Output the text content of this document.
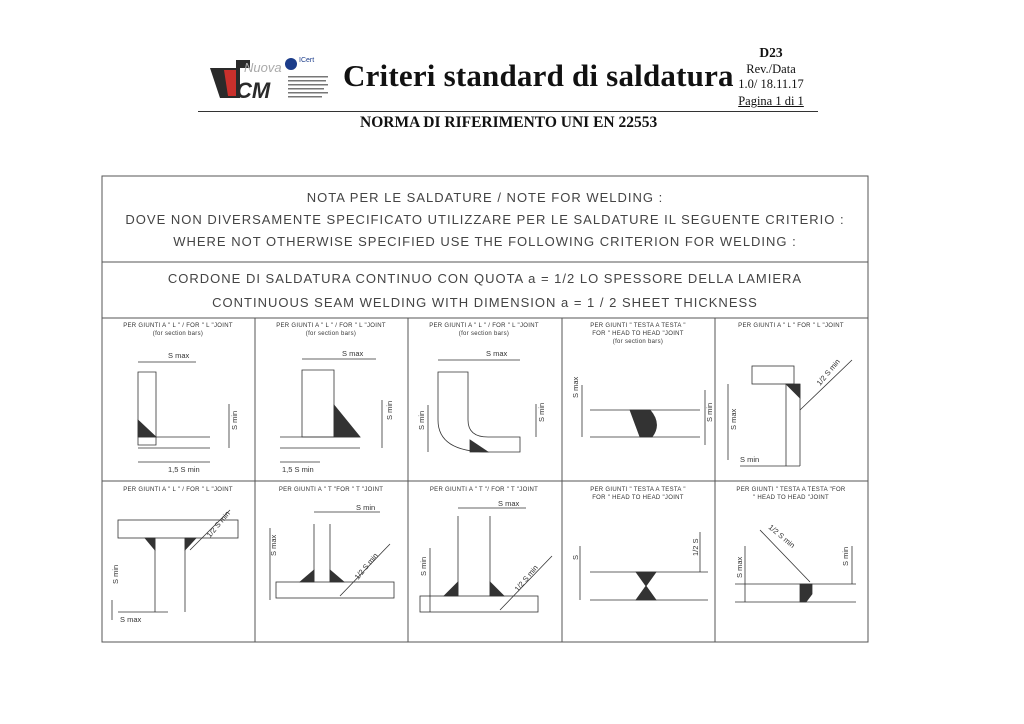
Nuova
CM
ICert Criteri standard di saldatura
D23
Rev./Data
1.0/ 18.11.17
Pagina 1 di 1
NORMA DI RIFERIMENTO UNI EN 22553
S max
S min
1,5 S min
S max
S min
1,5 S min
S max
S min	S min
S max
S min
1/2 S min
S max
S min
1/2 S min
S min
S max
S min
S max
1/2 S min
S max
S min	1/2 S min
S
1/2 S
S max
1/2 S min
S min
NOTA PER LE SALDATURE / NOTE FOR WELDING :
DOVE NON DIVERSAMENTE SPECIFICATO UTILIZZARE PER LE SALDATURE IL SEGUENTE CRITERIO :
WHERE NOT OTHERWISE SPECIFIED USE THE FOLLOWING CRITERION FOR WELDING :
CORDONE DI SALDATURA CONTINUO CON QUOTA a = 1/2 LO SPESSORE DELLA LAMIERA
CONTINUOUS SEAM WELDING WITH DIMENSION a = 1 / 2 SHEET THICKNESS
PER GIUNTI A " L " / FOR " L "JOINT
(for section bars)
PER GIUNTI A " L " / FOR " L "JOINT
(for section bars)
PER GIUNTI A " L " / FOR " L "JOINT
(for section bars)
PER GIUNTI " TESTA A TESTA "
FOR " HEAD TO HEAD "JOINT
(for section bars)
PER GIUNTI A " L " FOR " L "JOINT
PER GIUNTI A " L " / FOR " L "JOINT	PER GIUNTI A " T "FOR " T "JOINT	PER GIUNTI A " T "/ FOR " T "JOINT	PER GIUNTI " TESTA A TESTA "
FOR " HEAD TO HEAD "JOINT
PER GIUNTI " TESTA A TESTA "FOR
" HEAD TO HEAD "JOINT
